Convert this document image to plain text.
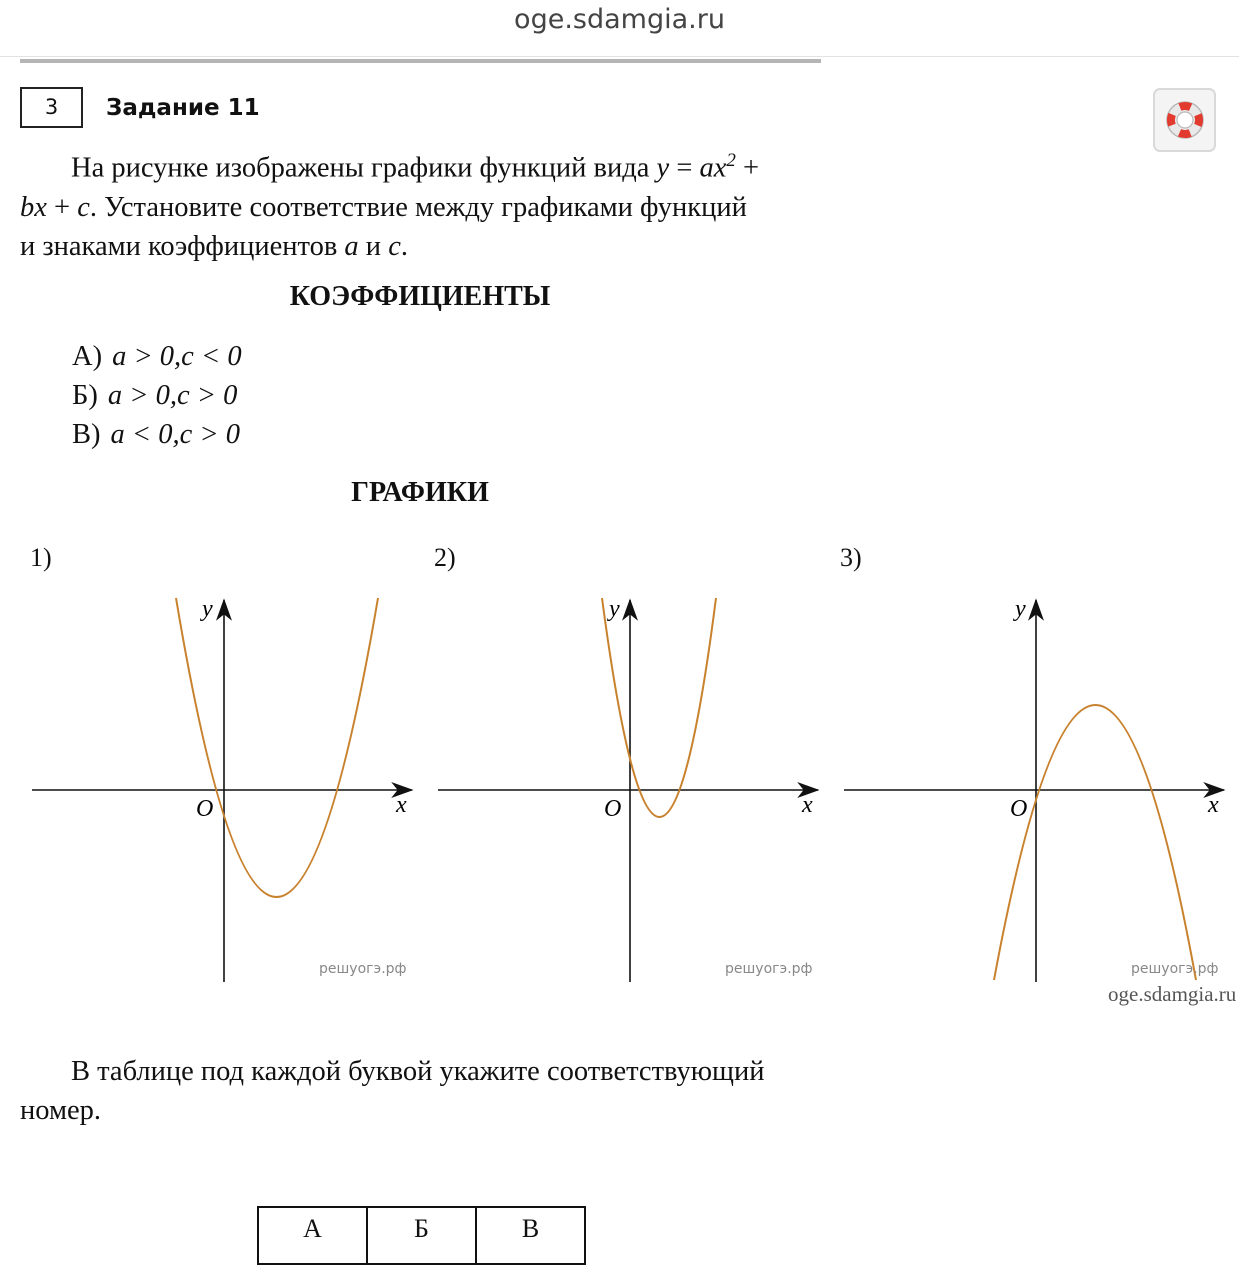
oge.sdamgia.ru
3	Задание 11
На рисунке изображены графики функций вида $y = ax^2$ +
bx + c. Установите соответствие между графиками функций
и знаками коэффициентов a и c.
КОЭФФИЦИЕНТЫ
А) a > 0,c < 0
Б) a > 0,c > 0
В) a < 0,c > 0
ГРАФИКИ
1)	2)	3)
y
x
O
решуогэ.рф
y
x
O
решуогэ.рф
y
x
O
решуогэ.рф
oge.sdamgia.ru
В таблице под каждой буквой укажите соответствующий
номер.
А	Б	В
